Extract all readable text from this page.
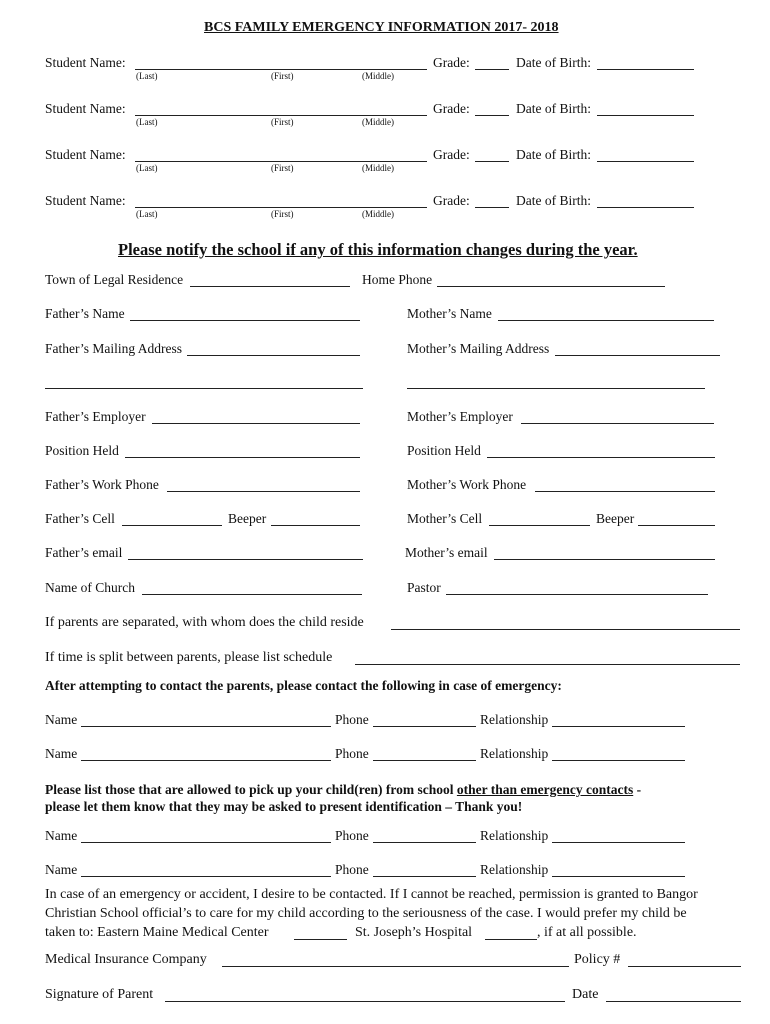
BCS FAMILY EMERGENCY INFORMATION 2017- 2018
Student Name:
(Last)	(First)	(Middle)
Grade:	Date of Birth:
Student Name:
(Last)	(First)	(Middle)
Grade:	Date of Birth:
Student Name:
(Last)	(First)	(Middle)
Grade:	Date of Birth:
Student Name:
(Last)	(First)	(Middle)
Grade:	Date of Birth:
Please notify the school if any of this information changes during the year.
Town of Legal Residence	Home Phone
Father’s Name	Mother’s Name
Father’s Mailing Address	Mother’s Mailing Address
Father’s Employer	Mother’s Employer
Position Held	Position Held
Father’s Work Phone	Mother’s Work Phone
Father’s Cell	Beeper	Mother’s Cell	Beeper
Father’s email	Mother’s email
Name of Church	Pastor
If parents are separated, with whom does the child reside
If time is split between parents, please list schedule
After attempting to contact the parents, please contact the following in case of emergency:
Name	Phone	Relationship
Name	Phone	Relationship
Please list those that are allowed to pick up your child(ren) from school other than emergency contacts -
please let them know that they may be asked to present identification – Thank you!
Name	Phone	Relationship
Name	Phone	Relationship
In case of an emergency or accident, I desire to be contacted. If I cannot be reached, permission is granted to Bangor
Christian School official’s to care for my child according to the seriousness of the case. I would prefer my child be
taken to: Eastern Maine Medical Center	St. Joseph’s Hospital	, if at all possible.
Medical Insurance Company	Policy #
Signature of Parent	Date
